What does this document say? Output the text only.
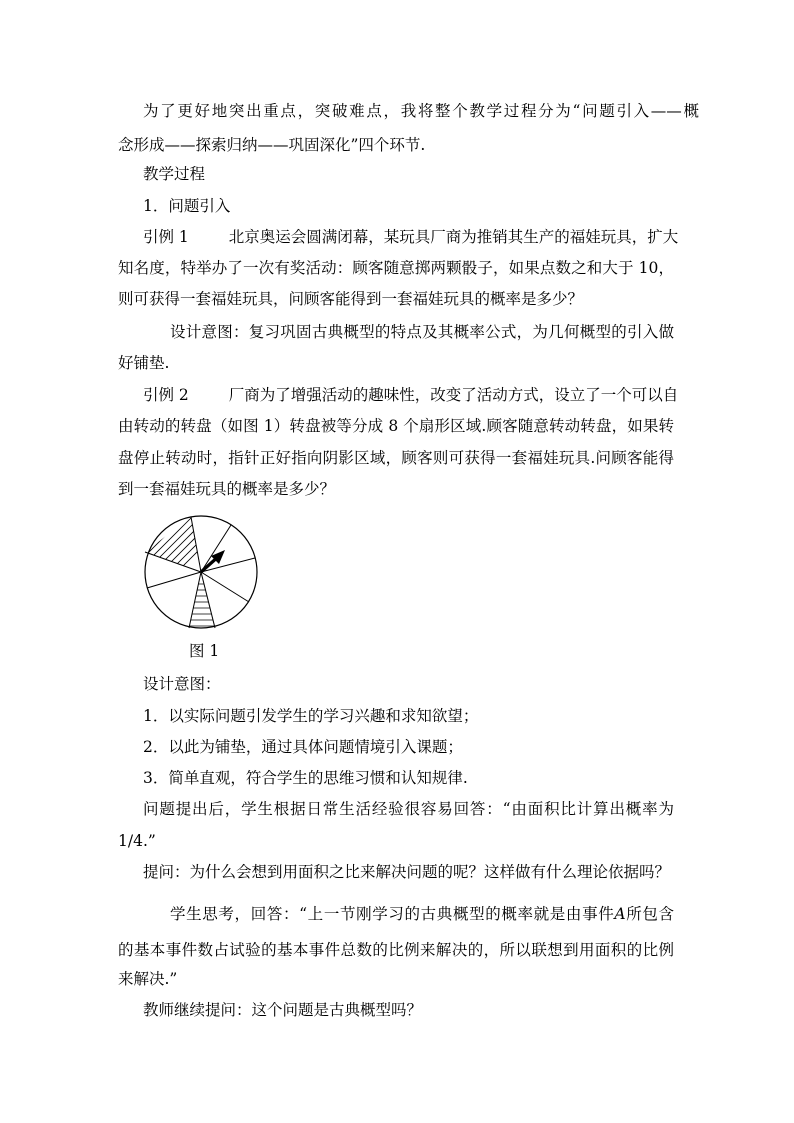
为了更好地突出重点，突破难点，我将整个教学过程分为“问题引入——概
念形成——探索归纳——巩固深化”四个环节.
教学过程
1．问题引入
引例 1	北京奥运会圆满闭幕，某玩具厂商为推销其生产的福娃玩具，扩大
知名度，特举办了一次有奖活动：顾客随意掷两颗骰子，如果点数之和大于 10，
则可获得一套福娃玩具，问顾客能得到一套福娃玩具的概率是多少？
设计意图：复习巩固古典概型的特点及其概率公式，为几何概型的引入做
好铺垫.
引例 2	厂商为了增强活动的趣味性，改变了活动方式，设立了一个可以自
由转动的转盘（如图 1）转盘被等分成 8 个扇形区域.顾客随意转动转盘，如果转
盘停止转动时，指针正好指向阴影区域，顾客则可获得一套福娃玩具.问顾客能得
到一套福娃玩具的概率是多少？
图 1
设计意图：
1．以实际问题引发学生的学习兴趣和求知欲望；
2．以此为铺垫，通过具体问题情境引入课题；
3．简单直观，符合学生的思维习惯和认知规律.
问题提出后，学生根据日常生活经验很容易回答：“由面积比计算出概率为
1/4.”
提问：为什么会想到用面积之比来解决问题的呢？这样做有什么理论依据吗？
学生思考，回答：“上一节刚学习的古典概型的概率就是由事件A所包含
的基本事件数占试验的基本事件总数的比例来解决的，所以联想到用面积的比例
来解决.”
教师继续提问：这个问题是古典概型吗？
